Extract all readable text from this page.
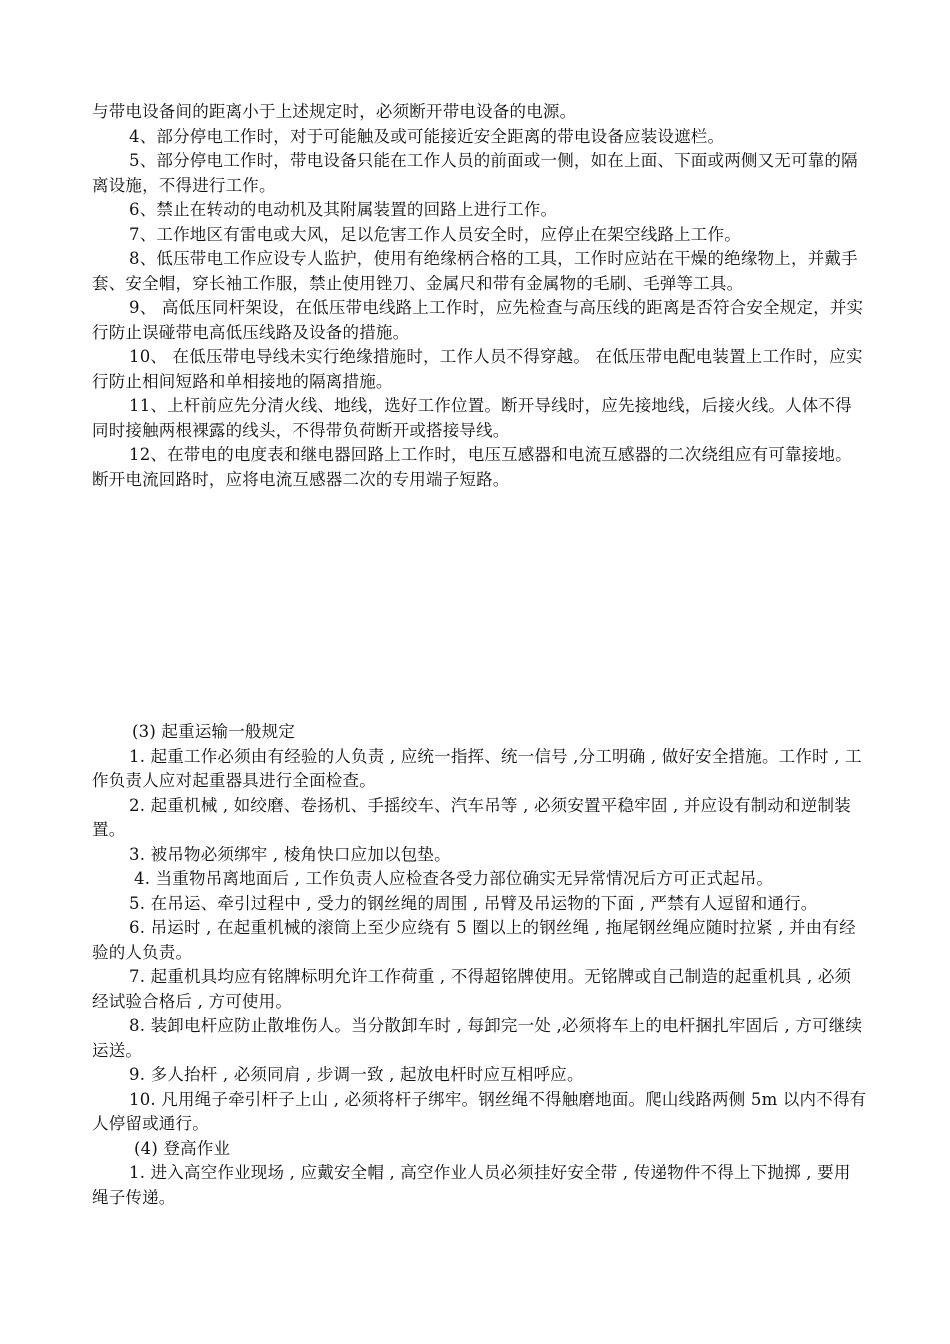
与带电设备间的距离小于上述规定时，必须断开带电设备的电源。

4、部分停电工作时，对于可能触及或可能接近安全距离的带电设备应装设遮栏。

5、部分停电工作时，带电设备只能在工作人员的前面或一侧，如在上面、下面或两侧又无可靠的隔离设施，不得进行工作。

6、禁止在转动的电动机及其附属装置的回路上进行工作。

7、工作地区有雷电或大风，足以危害工作人员安全时，应停止在架空线路上工作。

8、低压带电工作应设专人监护，使用有绝缘柄合格的工具，工作时应站在干燥的绝缘物上，并戴手套、安全帽，穿长袖工作服，禁止使用锉刀、金属尺和带有金属物的毛刷、毛弹等工具。

9、 高低压同杆架设，在低压带电线路上工作时，应先检查与高压线的距离是否符合安全规定，并实行防止误碰带电高低压线路及设备的措施。

10、 在低压带电导线未实行绝缘措施时，工作人员不得穿越。 在低压带电配电装置上工作时，应实行防止相间短路和单相接地的隔离措施。

11、上杆前应先分清火线、地线，选好工作位置。断开导线时，应先接地线，后接火线。人体不得同时接触两根裸露的线头，不得带负荷断开或搭接导线。

12、在带电的电度表和继电器回路上工作时，电压互感器和电流互感器的二次绕组应有可靠接地。断开电流回路时，应将电流互感器二次的专用端子短路。

(3) 起重运输一般规定

1. 起重工作必须由有经验的人负责 , 应统一指挥、统一信号 ,分工明确 , 做好安全措施。工作时 , 工作负责人应对起重器具进行全面检查。

2. 起重机械 , 如绞磨、卷扬机、手摇绞车、汽车吊等 , 必须安置平稳牢固 , 并应设有制动和逆制装置。

3. 被吊物必须绑牢 , 棱角快口应加以包垫。

4. 当重物吊离地面后 , 工作负责人应检查各受力部位确实无异常情况后方可正式起吊。

5. 在吊运、牵引过程中 , 受力的钢丝绳的周围 , 吊臂及吊运物的下面 , 严禁有人逗留和通行。

6. 吊运时 , 在起重机械的滚筒上至少应绕有 5 圈以上的钢丝绳 , 拖尾钢丝绳应随时拉紧 , 并由有经验的人负责。

7. 起重机具均应有铭牌标明允许工作荷重 , 不得超铭牌使用。无铭牌或自己制造的起重机具 , 必须经试验合格后 , 方可使用。

8. 装卸电杆应防止散堆伤人。当分散卸车时 , 每卸完一处 ,必须将车上的电杆捆扎牢固后 , 方可继续运送。

9. 多人抬杆 , 必须同肩 , 步调一致 , 起放电杆时应互相呼应。

10. 凡用绳子牵引杆子上山 , 必须将杆子绑牢。钢丝绳不得触磨地面。爬山线路两侧 5m 以内不得有人停留或通行。

(4) 登高作业

1. 进入高空作业现场 , 应戴安全帽 , 高空作业人员必须挂好安全带 , 传递物件不得上下抛掷 , 要用绳子传递。
